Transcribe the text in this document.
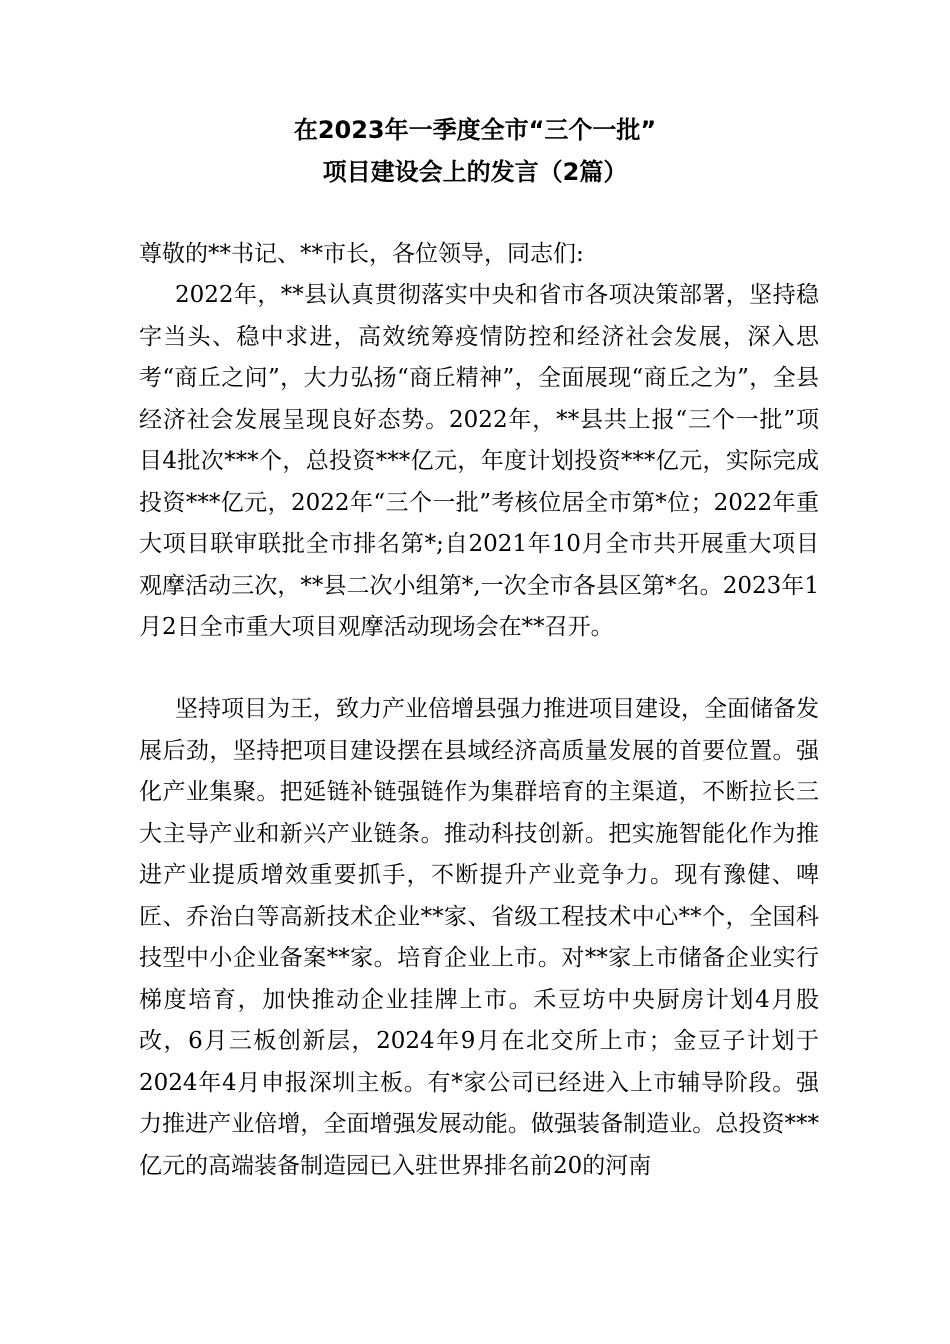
在2023年一季度全市“三个一批”
项目建设会上的发言（2篇）

尊敬的**书记、**市长，各位领导，同志们:

2022年，**县认真贯彻落实中央和省市各项决策部署，坚持稳字当头、稳中求进，高效统筹疫情防控和经济社会发展，深入思考“商丘之问”，大力弘扬“商丘精神”，全面展现“商丘之为”，全县经济社会发展呈现良好态势。2022年，**县共上报“三个一批”项目4批次***个，总投资***亿元，年度计划投资***亿元，实际完成投资***亿元，2022年“三个一批”考核位居全市第*位；2022年重大项目联审联批全市排名第*;自2021年10月全市共开展重大项目观摩活动三次，**县二次小组第*,一次全市各县区第*名。2023年1月2日全市重大项目观摩活动现场会在**召开。

坚持项目为王，致力产业倍增县强力推进项目建设，全面储备发展后劲，坚持把项目建设摆在县域经济高质量发展的首要位置。强化产业集聚。把延链补链强链作为集群培育的主渠道，不断拉长三大主导产业和新兴产业链条。推动科技创新。把实施智能化作为推进产业提质增效重要抓手，不断提升产业竞争力。现有豫健、啤匠、乔治白等高新技术企业**家、省级工程技术中心**个，全国科技型中小企业备案**家。培育企业上市。对**家上市储备企业实行梯度培育，加快推动企业挂牌上市。禾豆坊中央厨房计划4月股改，6月三板创新层，2024年9月在北交所上市；金豆子计划于2024年4月申报深圳主板。有*家公司已经进入上市辅导阶段。强力推进产业倍增，全面增强发展动能。做强装备制造业。总投资***亿元的高端装备制造园已入驻世界排名前20的河南
